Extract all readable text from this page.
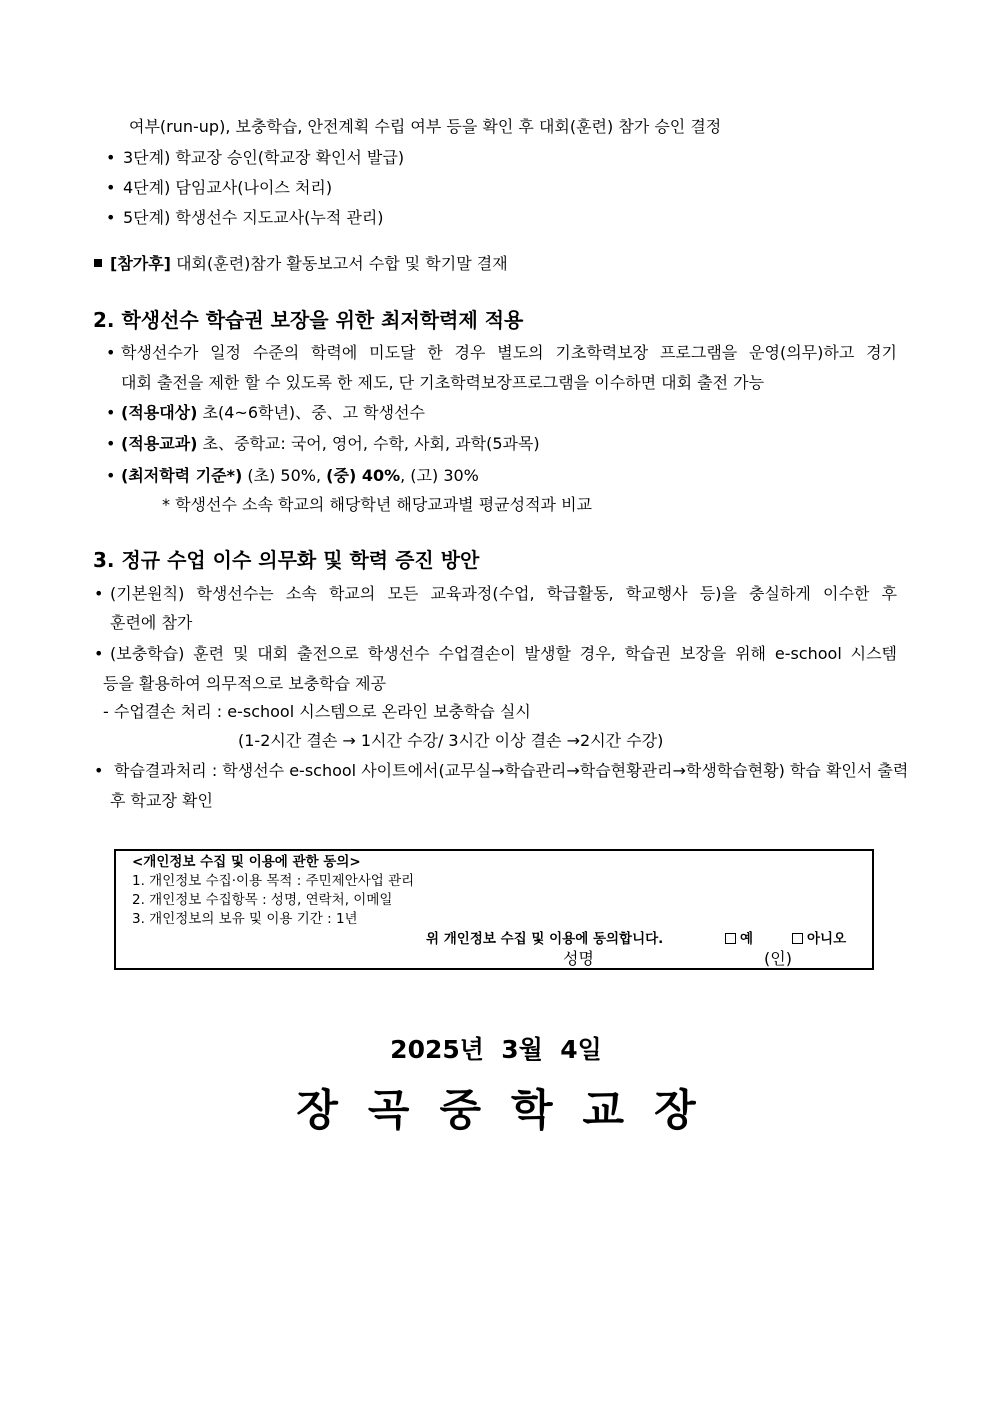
여부(run-up), 보충학습, 안전계획 수립 여부 등을 확인 후 대회(훈련) 참가 승인 결정
• 3단계) 학교장 승인(학교장 확인서 발급)
• 4단계) 담임교사(나이스 처리)
• 5단계) 학생선수 지도교사(누적 관리)
[참가후] 대회(훈련)참가 활동보고서 수합 및 학기말 결재
2. 학생선수 학습권 보장을 위한 최저학력제 적용
• 학생선수가 일정 수준의 학력에 미도달 한 경우 별도의 기초학력보장 프로그램을 운영(의무)하고 경기
대회 출전을 제한 할 수 있도록 한 제도, 단 기초학력보장프로그램을 이수하면 대회 출전 가능
• (적용대상) 초(4~6학년)、중、고 학생선수
• (적용교과) 초、중학교: 국어, 영어, 수학, 사회, 과학(5과목)
• (최저학력 기준*) (초) 50%, (중) 40%, (고) 30%
* 학생선수 소속 학교의 해당학년 해당교과별 평균성적과 비교
3. 정규 수업 이수 의무화 및 학력 증진 방안
• (기본원칙) 학생선수는 소속 학교의 모든 교육과정(수업, 학급활동, 학교행사 등)을 충실하게 이수한 후
훈련에 참가
• (보충학습) 훈련 및 대회 출전으로 학생선수 수업결손이 발생할 경우, 학습권 보장을 위해 e-school 시스템
등을 활용하여 의무적으로 보충학습 제공
- 수업결손 처리 : e-school 시스템으로 온라인 보충학습 실시
(1-2시간 결손 → 1시간 수강/ 3시간 이상 결손 →2시간 수강)
• 학습결과처리 : 학생선수 e-school 사이트에서(교무실→학습관리→학습현황관리→학생학습현황) 학습 확인서 출력
후 학교장 확인
<개인정보 수집 및 이용에 관한 동의>
1. 개인정보 수집·이용 목적 : 주민제안사업 관리
2. 개인정보 수집항목 : 성명, 연락처, 이메일
3. 개인정보의 보유 및 이용 기간 : 1년
위 개인정보 수집 및 이용에 동의합니다.	예	아니오
성명	(인)
2025년  3월  4일
장곡중학교장
